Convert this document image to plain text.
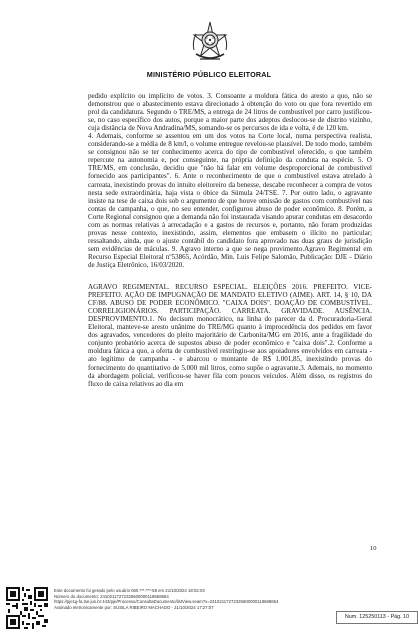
MINISTÉRIO PÚBLICO ELEITORAL

pedido explícito ou implícito de votos. 3. Consoante a moldura fática do aresto a quo, não se demonstrou que o abastecimento estava direcionado à obtenção do voto ou que fora revertido em prol da candidatura. Segundo o TRE/MS, a entrega de 24 litros de combustível por carro justificou-se, no caso específico dos autos, porque a maior parte dos adeptos deslocou-se de distrito vizinho, cuja distância de Nova Andradina/MS, somando-se os percursos de ida e volta, é de 120 km.

4. Ademais, conforme se assentou em um dos votos na Corte local, numa perspectiva realista, considerando-se a média de 8 km/l, o volume entregue revelou-se plausível. De todo modo, também se consignou não se ter conhecimento acerca do tipo de combustível oferecido, o que também repercute na autonomia e, por conseguinte, na própria definição da conduta na espécie. 5. O TRE/MS, em conclusão, decidiu que "não há falar em volume desproporcional de combustível fornecido aos participantes". 6. Ante o reconhecimento de que o combustível estava atrelado à carreata, inexistindo provas do intuito eleitoreiro da benesse, descabe reconhecer a compra de votos nesta sede extraordinária, haja vista o óbice da Súmula 24/TSE. 7. Por outro lado, o agravante insiste na tese de caixa dois sob o argumento de que houve omissão de gastos com combustível nas contas de campanha, o que, no seu entender, configurou abuso de poder econômico. 8. Porém, a Corte Regional consignou que a demanda não foi instaurada visando apurar condutas em desacordo com as normas relativas à arrecadação e a gastos de recursos e, portanto, não foram produzidas provas nesse contexto, inexistindo, assim, elementos que embasem o ilícito no particular; ressaltando, ainda, que o ajuste contábil do candidato fora aprovado nas duas graus de jurisdição sem evidências de máculas. 9. Agravo interno a que se nega provimento.Agravo Regimental em Recurso Especial Eleitoral nº53865, Acórdão, Min. Luis Felipe Salomão, Publicação: DJE - Diário de Justiça Eletrônico, 16/03/2020.

AGRAVO REGIMENTAL. RECURSO ESPECIAL. ELEIÇÕES 2016. PREFEITO. VICE-PREFEITO. AÇÃO DE IMPUGNAÇÃO DE MANDATO ELETIVO (AIME). ART. 14, § 10, DA CF/88. ABUSO DE PODER ECONÔMICO. "CAIXA DOIS". DOAÇÃO DE COMBUSTÍVEL. CORRELIGIONÁRIOS. PARTICIPAÇÃO. CARREATA. GRAVIDADE. AUSÊNCIA. DESPROVIMENTO.1. No decisum monocrático, na linha do parecer da d. Procuradoria-Geral Eleitoral, manteve-se aresto unânime do TRE/MG quanto à improcedência dos pedidos em favor dos agravados, vencedores do pleito majoritário de Carbonita/MG em 2016, ante a fragilidade do conjunto probatório acerca de supostos abuso de poder econômico e "caixa dois".2. Conforme a moldura fática a quo, a oferta de combustível restringiu-se aos apoiadores envolvidos em carreata - ato legítimo de campanha - e abarcou o montante de R$ 1.001,85, inexistindo provas do fornecimento do quantitativo de 5.000 mil litros, como supõe o agravante.3. Ademais, no momento da abordagem policial, verificou-se haver fila com poucos veículos. Além disso, os registros do fluxo de caixa relativos ao dia em

10
Este documento foi gerado pelo usuário 060.***.***-58 em 21/10/2024 18:02:03
Número do documento: 24102117272325600000118668654
https://pje1g-fa.tse.jus.br:443/pje/Processo/ConsultaDocumento/listView.seam?x=24102117272325600000118668654
Assinado eletronicamente por: SUSILA RIBEIRO MACHADO - 21/10/2024 17:27:07
Num. 125250113 - Pág. 10
